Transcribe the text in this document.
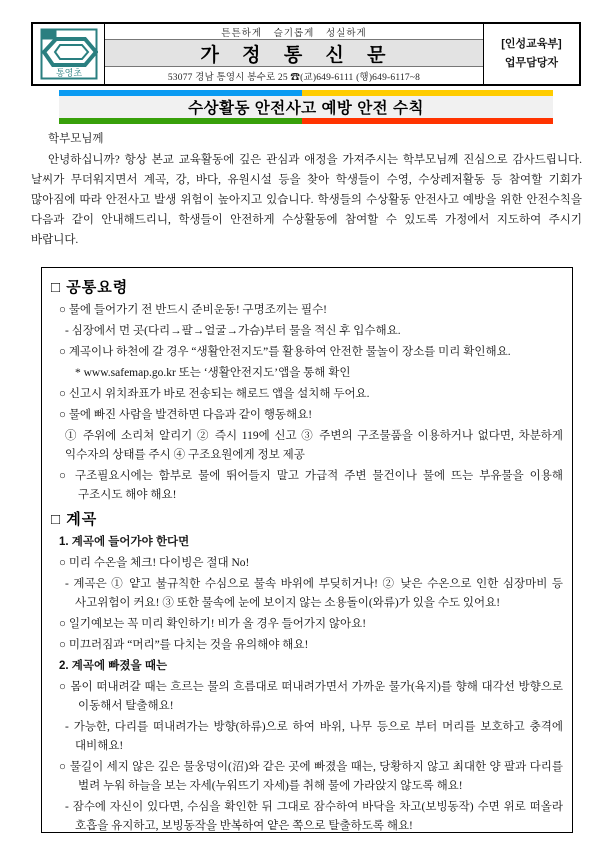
통영초
튼튼하게 슬기롭게 성실하게
가 정 통 신 문
53077 경남 통영시 봉수로 25 ☎(교)649-6111 (행)649-6117~8
[인성교육부]
업무담당자
수상활동 안전사고 예방 안전 수칙
학부모님께
안녕하십니까? 항상 본교 교육활동에 깊은 관심과 애정을 가져주시는 학부모님께 진심으로 감사드립니다. 날씨가 무더워지면서 계곡, 강, 바다, 유원시설 등을 찾아 학생들이 수영, 수상레저활동 등 참여할 기회가 많아짐에 따라 안전사고 발생 위험이 높아지고 있습니다. 학생들의 수상활동 안전사고 예방을 위한 안전수칙을 다음과 같이 안내해드리니, 학생들이 안전하게 수상활동에 참여할 수 있도록 가정에서 지도하여 주시기 바랍니다.
□ 공통요령
○ 물에 들어가기 전 반드시 준비운동! 구명조끼는 필수!
- 심장에서 먼 곳(다리→팔→얼굴→가슴)부터 물을 적신 후 입수해요.
○ 계곡이나 하천에 갈 경우 “생활안전지도”를 활용하여 안전한 물놀이 장소를 미리 확인해요.
* www.safemap.go.kr 또는 ‘생활안전지도’앱을 통해 확인
○ 신고시 위치좌표가 바로 전송되는 해로드 앱을 설치해 두어요.
○ 물에 빠진 사람을 발견하면 다음과 같이 행동해요!
① 주위에 소리쳐 알리기 ② 즉시 119에 신고 ③ 주변의 구조물품을 이용하거나 없다면, 차분하게 익수자의 상태를 주시 ④ 구조요원에게 정보 제공
○ 구조필요시에는 함부로 물에 뛰어들지 말고 가급적 주변 물건이나 물에 뜨는 부유물을 이용해 구조시도 해야 해요!
□ 계곡
1. 계곡에 들어가야 한다면
○ 미리 수온을 체크! 다이빙은 절대 No!
- 계곡은 ① 얕고 불규칙한 수심으로 물속 바위에 부딪히거나! ② 낮은 수온으로 인한 심장마비 등 사고위험이 커요! ③ 또한 물속에 눈에 보이지 않는 소용돌이(와류)가 있을 수도 있어요!
○ 일기예보는 꼭 미리 확인하기! 비가 올 경우 들어가지 않아요!
○ 미끄러짐과 “머리”를 다치는 것을 유의해야 해요!
2. 계곡에 빠졌을 때는
○ 몸이 떠내려갈 때는 흐르는 물의 흐름대로 떠내려가면서 가까운 물가(육지)를 향해 대각선 방향으로 이동해서 탈출해요!
- 가능한, 다리를 떠내려가는 방향(하류)으로 하여 바위, 나무 등으로 부터 머리를 보호하고 충격에 대비해요!
○ 물길이 세지 않은 깊은 물웅덩이(沼)와 같은 곳에 빠졌을 때는, 당황하지 않고 최대한 양 팔과 다리를 벌려 누워 하늘을 보는 자세(누워뜨기 자세)를 취해 물에 가라앉지 않도록 해요!
- 잠수에 자신이 있다면, 수심을 확인한 뒤 그대로 잠수하여 바닥을 차고(보빙동작) 수면 위로 떠올라 호흡을 유지하고, 보빙동작을 반복하여 얕은 쪽으로 탈출하도록 해요!
